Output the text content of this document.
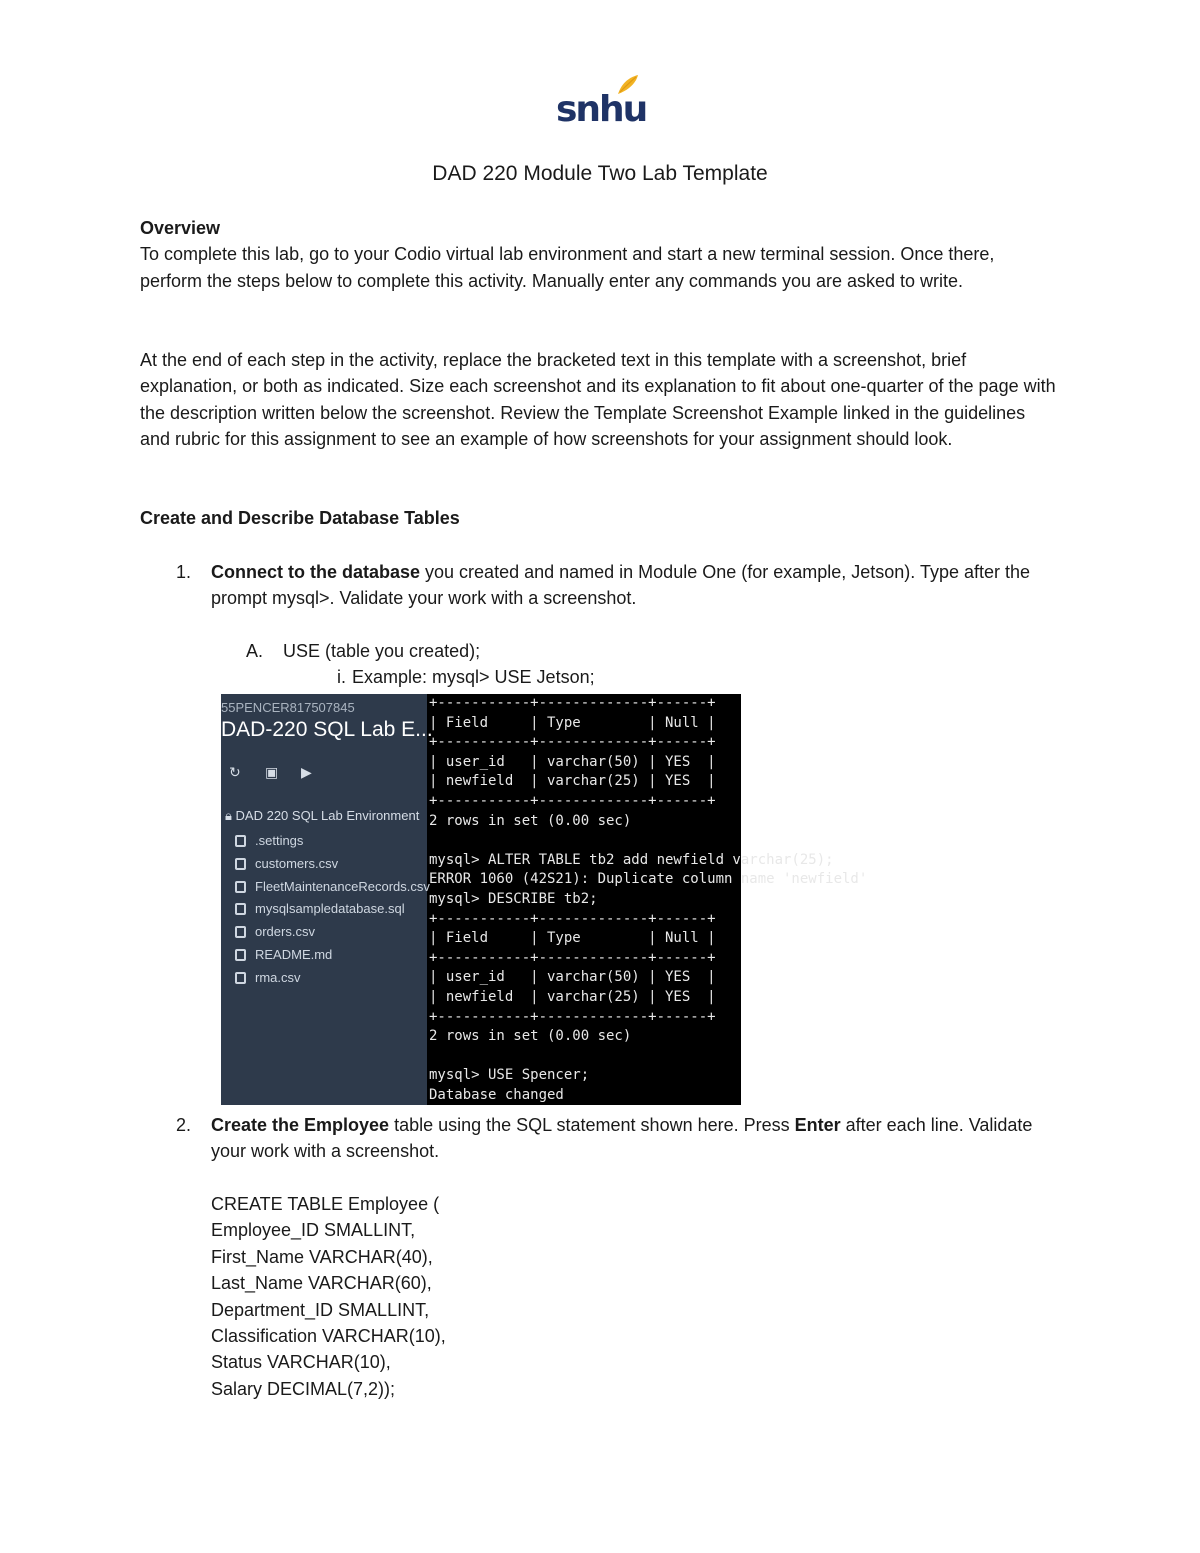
snhu
DAD 220 Module Two Lab Template

Overview

To complete this lab, go to your Codio virtual lab environment and start a new terminal session. Once there, perform the steps below to complete this activity. Manually enter any commands you are asked to write.

At the end of each step in the activity, replace the bracketed text in this template with a screenshot, brief explanation, or both as indicated. Size each screenshot and its explanation to fit about one-quarter of the page with the description written below the screenshot. Review the Template Screenshot Example linked in the guidelines and rubric for this assignment to see an example of how screenshots for your assignment should look.

Create and Describe Database Tables
1.	Connect to the database you created and named in Module One (for example, Jetson). Type after the prompt mysql>. Validate your work with a screenshot.
A. USE (table you created);
i. Example: mysql> USE Jetson;
55PENCER817507845
DAD-220 SQL Lab E...
↻ ▣ ▶
🔒︎ DAD 220 SQL Lab Environment
.settings
customers.csv
FleetMaintenanceRecords.csv
mysqlsampledatabase.sql
orders.csv
README.md
rma.csv
+-----------+-------------+------+
| Field     | Type        | Null |
+-----------+-------------+------+
| user_id   | varchar(50) | YES  |
| newfield  | varchar(25) | YES  |
+-----------+-------------+------+
2 rows in set (0.00 sec)

mysql> ALTER TABLE tb2 add newfield varchar(25);
ERROR 1060 (42S21): Duplicate column name 'newfield'
mysql> DESCRIBE tb2;
+-----------+-------------+------+
| Field     | Type        | Null |
+-----------+-------------+------+
| user_id   | varchar(50) | YES  |
| newfield  | varchar(25) | YES  |
+-----------+-------------+------+
2 rows in set (0.00 sec)

mysql> USE Spencer;
Database changed
2.	Create the Employee table using the SQL statement shown here. Press Enter after each line. Validate your work with a screenshot.
CREATE TABLE Employee (
Employee_ID SMALLINT,
First_Name VARCHAR(40),
Last_Name VARCHAR(60),
Department_ID SMALLINT,
Classification VARCHAR(10),
Status VARCHAR(10),
Salary DECIMAL(7,2));
